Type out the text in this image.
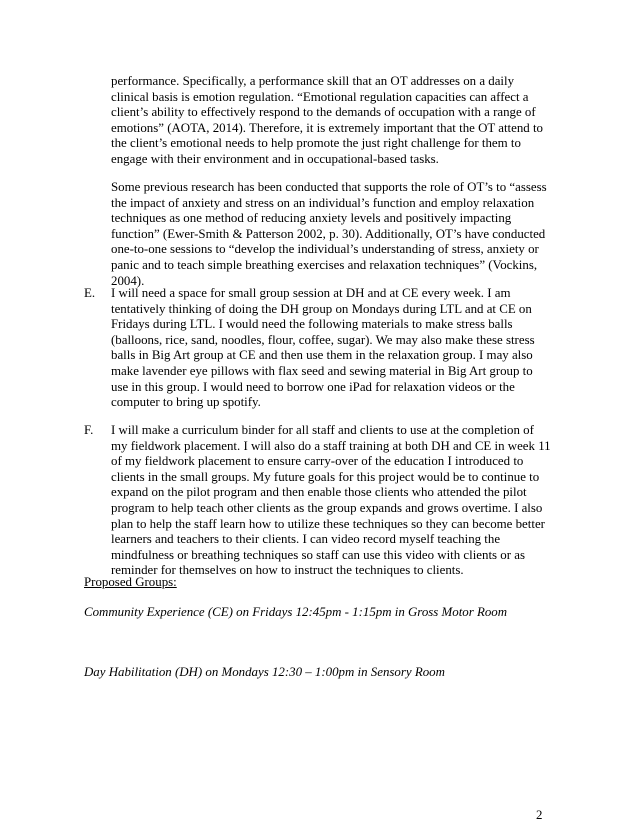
performance. Specifically, a performance skill that an OT addresses on a daily clinical basis is emotion regulation. “Emotional regulation capacities can affect a client’s ability to effectively respond to the demands of occupation with a range of emotions” (AOTA, 2014). Therefore, it is extremely important that the OT attend to the client’s emotional needs to help promote the just right challenge for them to engage with their environment and in occupational-based tasks.

Some previous research has been conducted that supports the role of OT’s to “assess the impact of anxiety and stress on an individual’s function and employ relaxation techniques as one method of reducing anxiety levels and positively impacting function” (Ewer-Smith & Patterson 2002, p. 30). Additionally, OT’s have conducted one-to-one sessions to “develop the individual’s understanding of stress, anxiety or panic and to teach simple breathing exercises and relaxation techniques” (Vockins, 2004).

E. I will need a space for small group session at DH and at CE every week. I am tentatively thinking of doing the DH group on Mondays during LTL and at CE on Fridays during LTL. I would need the following materials to make stress balls (balloons, rice, sand, noodles, flour, coffee, sugar). We may also make these stress balls in Big Art group at CE and then use them in the relaxation group. I may also make lavender eye pillows with flax seed and sewing material in Big Art group to use in this group. I would need to borrow one iPad for relaxation videos or the computer to bring up spotify.
F. I will make a curriculum binder for all staff and clients to use at the completion of my fieldwork placement. I will also do a staff training at both DH and CE in week 11 of my fieldwork placement to ensure carry-over of the education I introduced to clients in the small groups. My future goals for this project would be to continue to expand on the pilot program and then enable those clients who attended the pilot program to help teach other clients as the group expands and grows overtime. I also plan to help the staff learn how to utilize these techniques so they can become better learners and teachers to their clients. I can video record myself teaching the mindfulness or breathing techniques so staff can use this video with clients or as reminder for themselves on how to instruct the techniques to clients.
Proposed Groups:
Community Experience (CE) on Fridays 12:45pm - 1:15pm in Gross Motor Room
Day Habilitation (DH) on Mondays 12:30 – 1:00pm in Sensory Room
2
